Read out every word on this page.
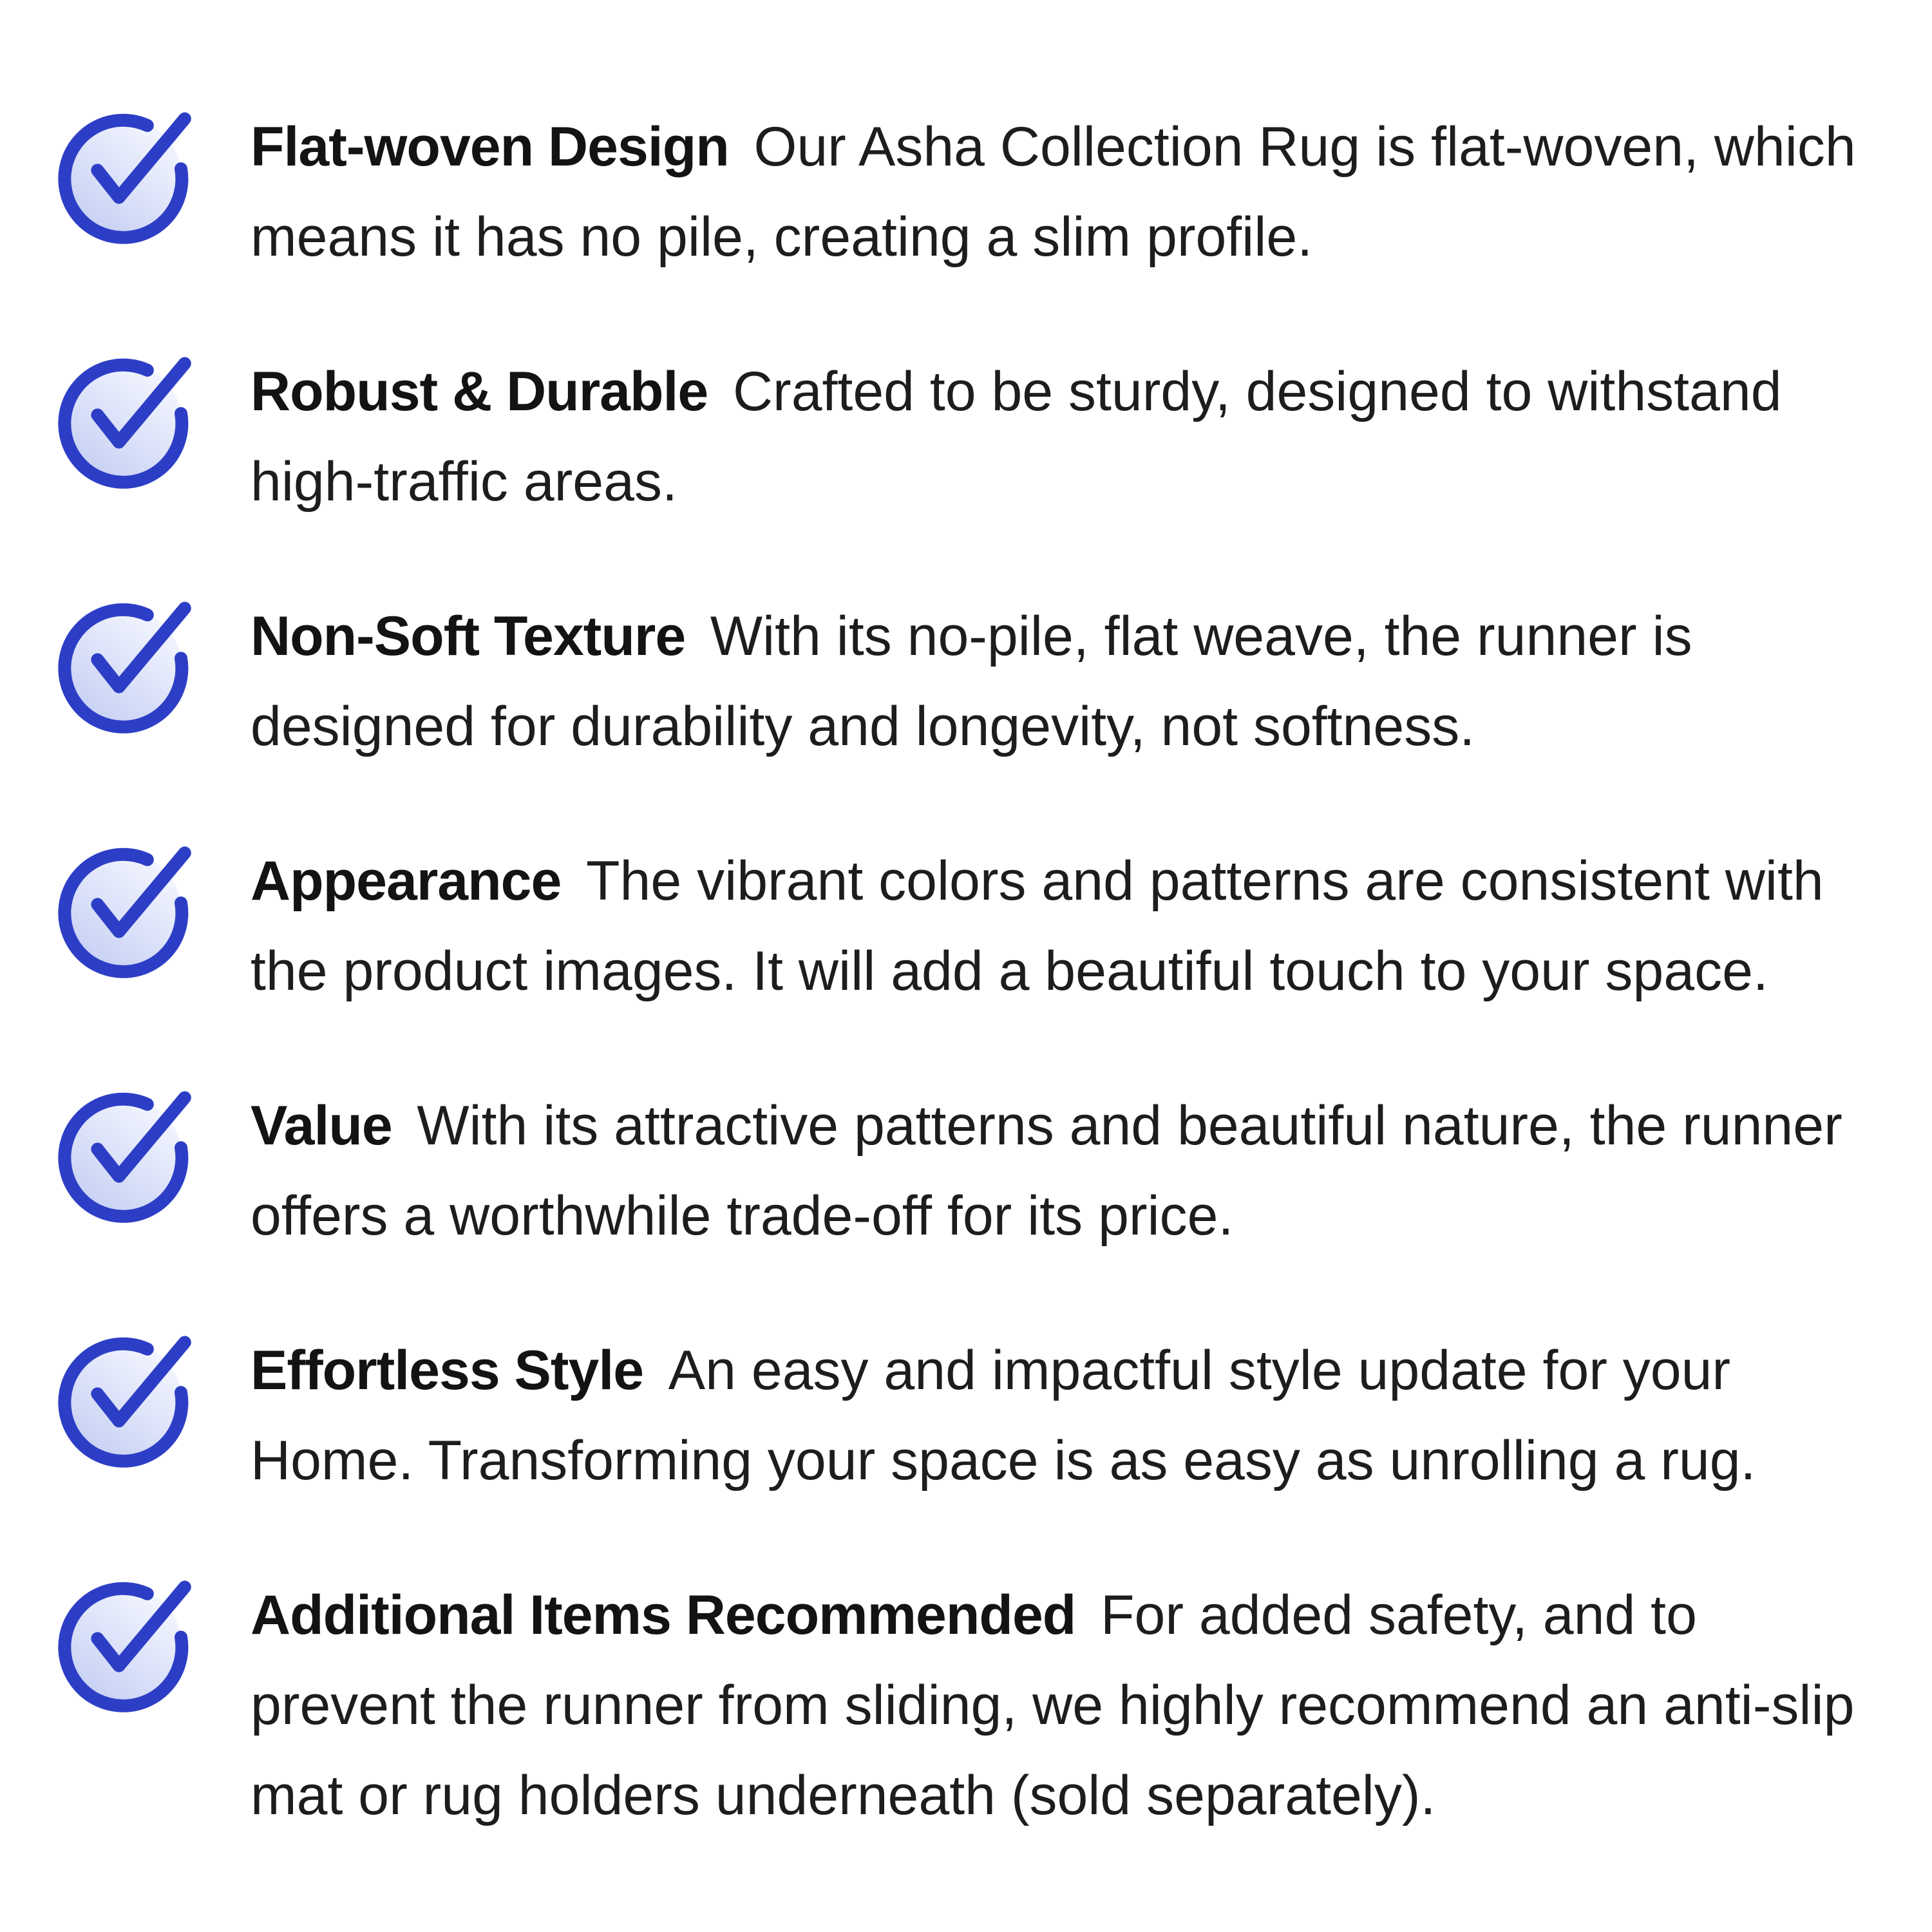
Flat-woven Design Our Asha Collection Rug is flat-woven, which means it has no pile, creating a slim profile.

Robust & Durable Crafted to be sturdy, designed to withstand high-traffic areas.

Non-Soft Texture With its no-pile, flat weave, the runner is designed for durability and longevity, not softness.

Appearance The vibrant colors and patterns are consistent with the product images. It will add a beautiful touch to your space.

Value With its attractive patterns and beautiful nature, the runner offers a worthwhile trade-off for its price.

Effortless Style An easy and impactful style update for your Home. Transforming your space is as easy as unrolling a rug.

Additional Items Recommended For added safety, and to prevent the runner from sliding, we highly recommend an anti-slip mat or rug holders underneath (sold separately).
